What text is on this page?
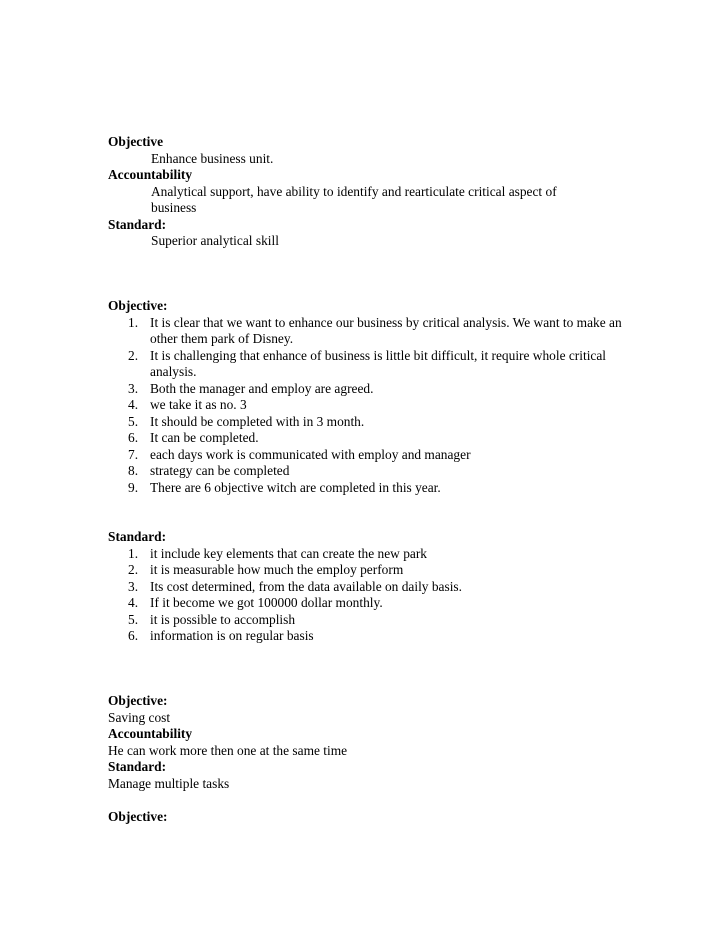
Objective
Enhance business unit.
Accountability
Analytical support, have ability to identify and rearticulate critical aspect of business
Standard:
Superior analytical skill
Objective:
1. It is clear that we want to enhance our business by critical analysis. We want to make an other them park of Disney.
2. It is challenging that enhance of business is little bit difficult, it require whole critical analysis.
3. Both the manager and employ are agreed.
4. we take it as no. 3
5. It should be completed with in 3 month.
6. It can be completed.
7. each days work is communicated with employ and manager
8. strategy can be completed
9. There are 6 objective witch are completed in this year.
Standard:
1. it include key elements that can create the new park
2. it is measurable how much the employ perform
3. Its cost determined, from the data available on daily basis.
4. If it become we got 100000 dollar monthly.
5. it is possible to accomplish
6. information is on regular basis
Objective:
Saving cost
Accountability
He can work more then one at the same time
Standard:
Manage multiple tasks
Objective:
